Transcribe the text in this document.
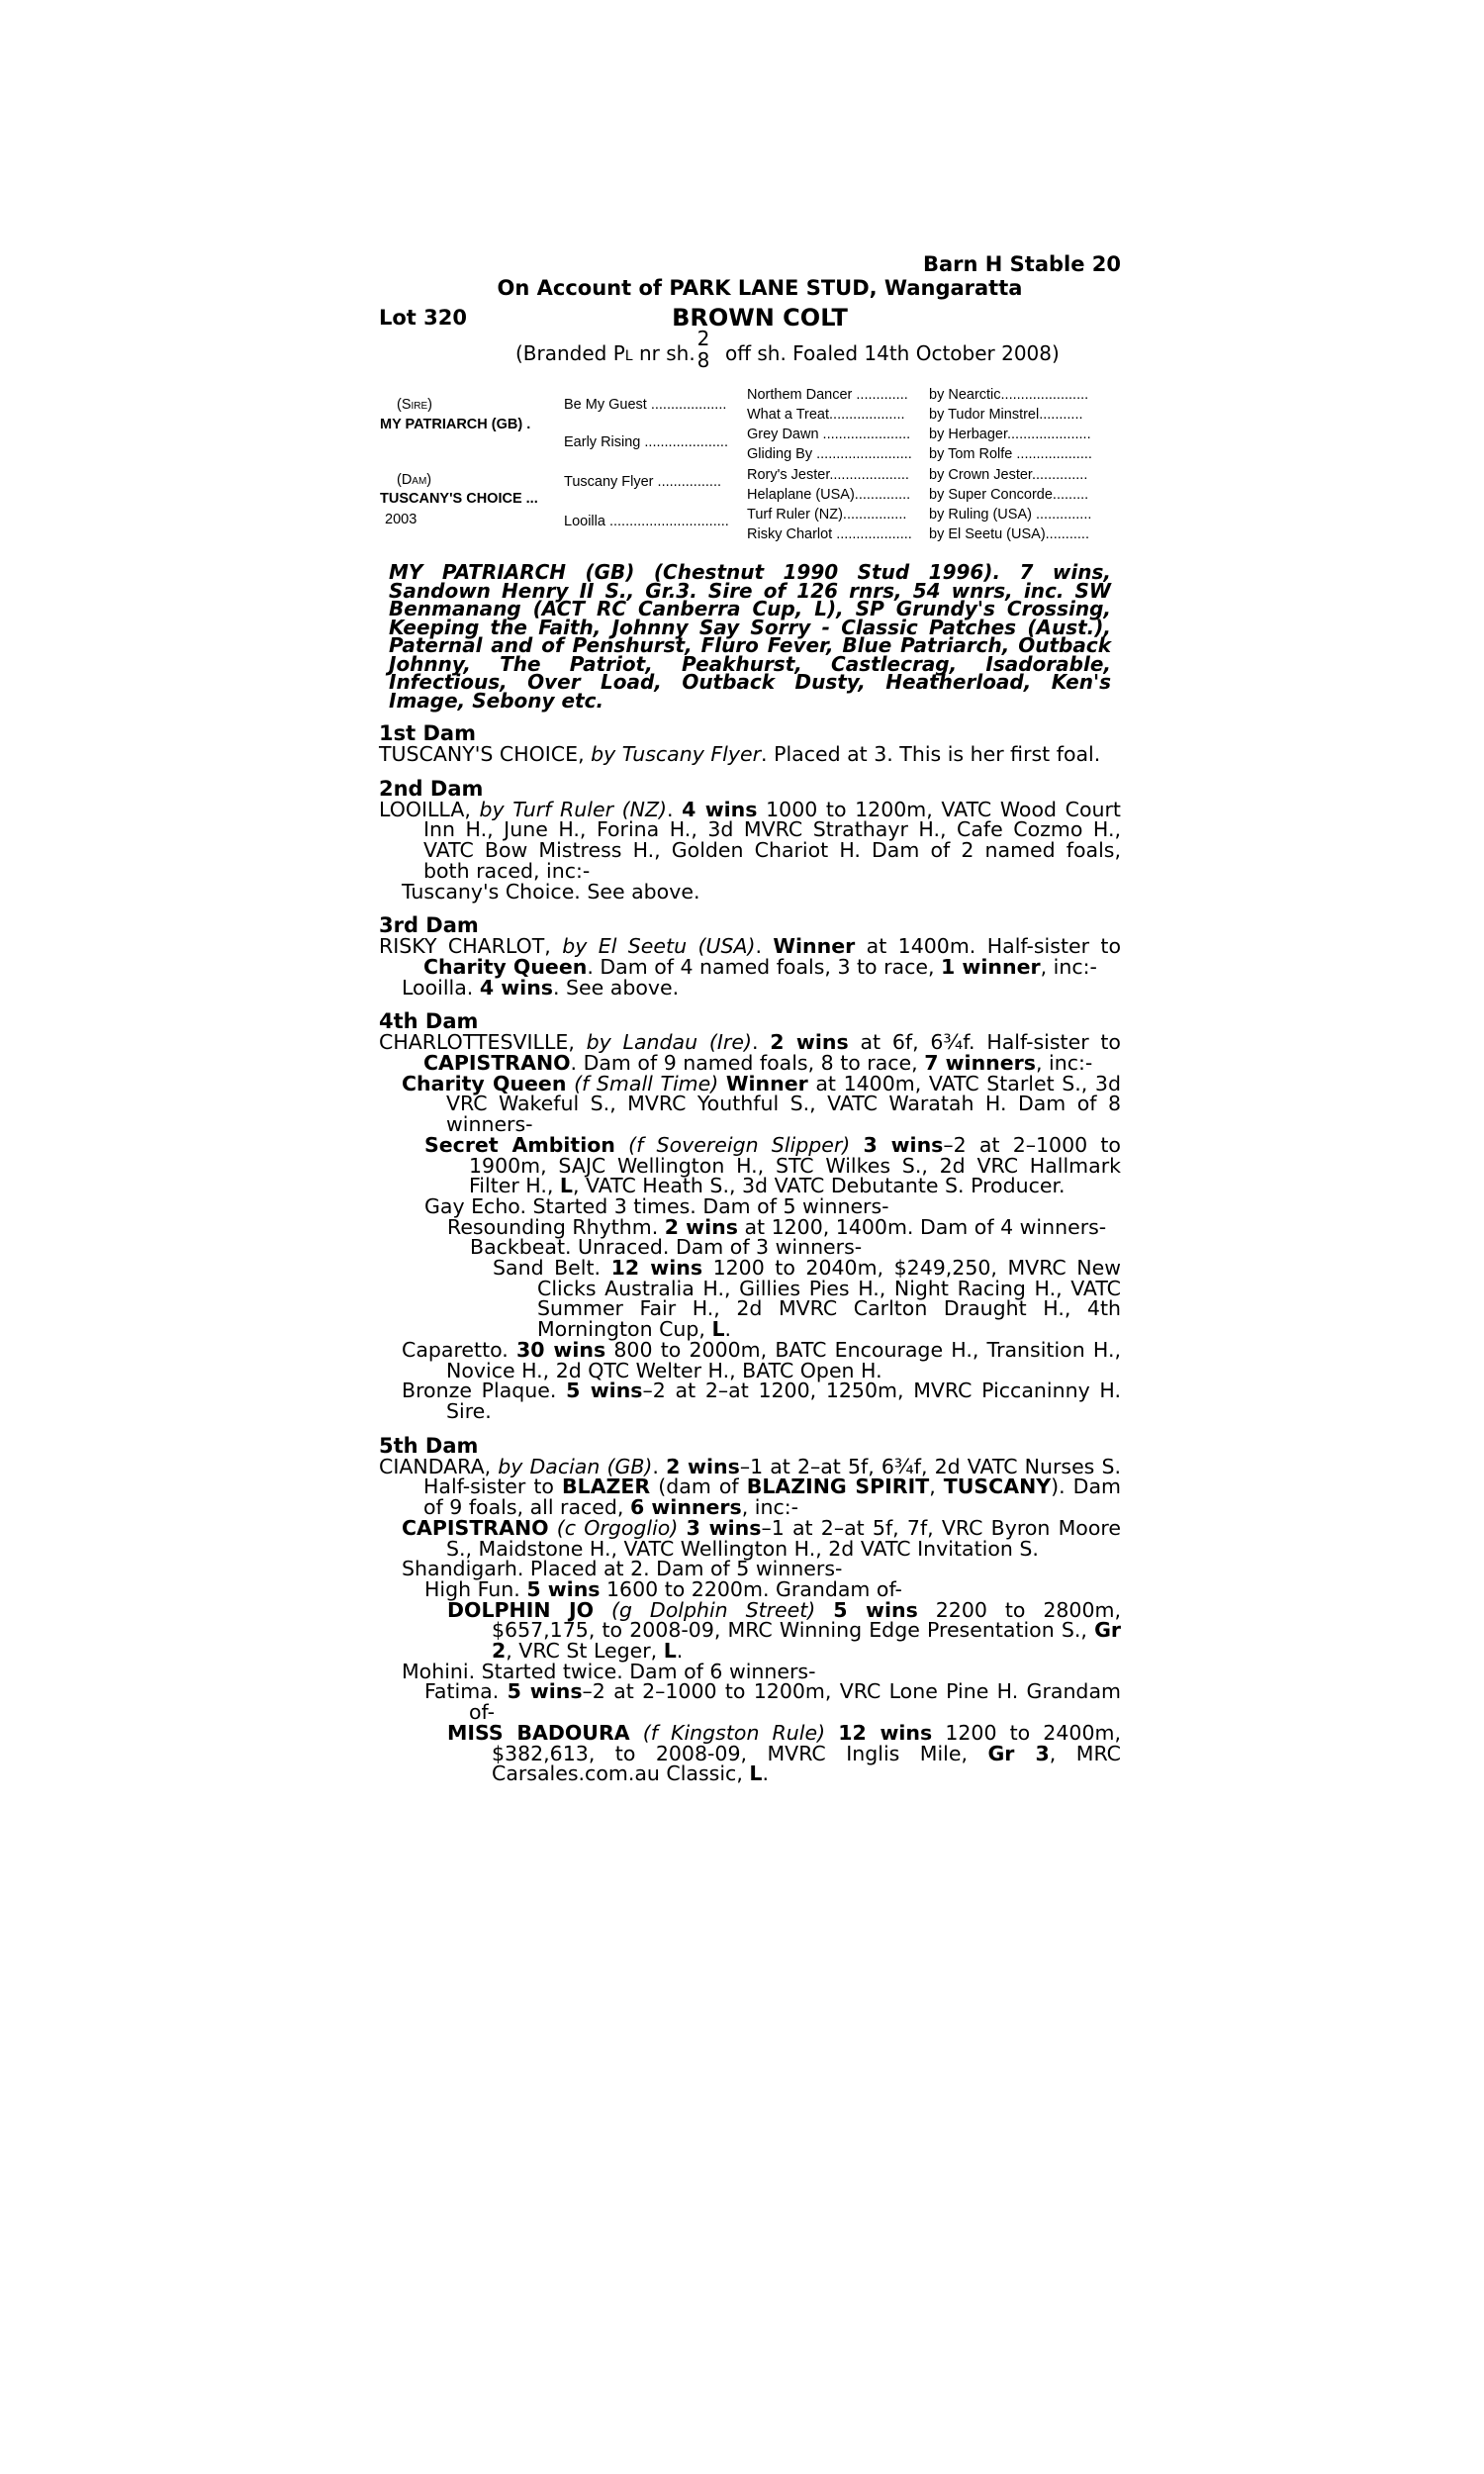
Barn H Stable 20
On Account of PARK LANE STUD, Wangaratta
Lot 320	BROWN COLT
(Branded PL nr sh.
2
8 off sh. Foaled 14th October 2008)
(Sire)
MY PATRIARCH (GB) .
(Dam)
TUSCANY'S CHOICE ...
2003
Be My Guest ...................
Early Rising .....................
Tuscany Flyer ................
Looilla ..............................
Northem Dancer .............
What a Treat...................
Grey Dawn ......................
Gliding By ........................
Rory's Jester....................
Helaplane (USA)..............
Turf Ruler (NZ)................
Risky Charlot ...................
by Nearctic......................
by Tudor Minstrel...........
by Herbager.....................
by Tom Rolfe ...................
by Crown Jester..............
by Super Concorde.........
by Ruling (USA) ..............
by El Seetu (USA)...........
MY PATRIARCH (GB) (Chestnut 1990 Stud 1996). 7 wins, Sandown Henry II S., Gr.3. Sire of 126 rnrs, 54 wnrs, inc. SW Benmanang (ACT RC Canberra Cup, L), SP Grundy's Crossing, Keeping the Faith, Johnny Say Sorry - Classic Patches (Aust.), Paternal and of Penshurst, Fluro Fever, Blue Patriarch, Outback Johnny, The Patriot, Peakhurst, Castlecrag, Isadorable, Infectious, Over Load, Outback Dusty, Heatherload, Ken's Image, Sebony etc.
1st Dam
TUSCANY'S CHOICE, by Tuscany Flyer. Placed at 3. This is her first foal.
2nd Dam
LOOILLA, by Turf Ruler (NZ). 4 wins 1000 to 1200m, VATC Wood Court Inn H., June H., Forina H., 3d MVRC Strathayr H., Cafe Cozmo H., VATC Bow Mistress H., Golden Chariot H. Dam of 2 named foals, both raced, inc:-
Tuscany's Choice. See above.
3rd Dam
RISKY CHARLOT, by El Seetu (USA). Winner at 1400m. Half-sister to Charity Queen. Dam of 4 named foals, 3 to race, 1 winner, inc:-
Looilla. 4 wins. See above.
4th Dam
CHARLOTTESVILLE, by Landau (Ire). 2 wins at 6f, 6¾f. Half-sister to CAPISTRANO. Dam of 9 named foals, 8 to race, 7 winners, inc:-
Charity Queen (f Small Time) Winner at 1400m, VATC Starlet S., 3d VRC Wakeful S., MVRC Youthful S., VATC Waratah H. Dam of 8 winners-
Secret Ambition (f Sovereign Slipper) 3 wins–2 at 2–1000 to 1900m, SAJC Wellington H., STC Wilkes S., 2d VRC Hallmark Filter H., L, VATC Heath S., 3d VATC Debutante S. Producer.
Gay Echo. Started 3 times. Dam of 5 winners-
Resounding Rhythm. 2 wins at 1200, 1400m. Dam of 4 winners-
Backbeat. Unraced. Dam of 3 winners-
Sand Belt. 12 wins 1200 to 2040m, $249,250, MVRC New Clicks Australia H., Gillies Pies H., Night Racing H., VATC Summer Fair H., 2d MVRC Carlton Draught H., 4th Mornington Cup, L.
Caparetto. 30 wins 800 to 2000m, BATC Encourage H., Transition H., Novice H., 2d QTC Welter H., BATC Open H.
Bronze Plaque. 5 wins–2 at 2–at 1200, 1250m, MVRC Piccaninny H. Sire.
5th Dam
CIANDARA, by Dacian (GB). 2 wins–1 at 2–at 5f, 6¾f, 2d VATC Nurses S. Half-sister to BLAZER (dam of BLAZING SPIRIT, TUSCANY). Dam of 9 foals, all raced, 6 winners, inc:-
CAPISTRANO (c Orgoglio) 3 wins–1 at 2–at 5f, 7f, VRC Byron Moore S., Maidstone H., VATC Wellington H., 2d VATC Invitation S.
Shandigarh. Placed at 2. Dam of 5 winners-
High Fun. 5 wins 1600 to 2200m. Grandam of-
DOLPHIN JO (g Dolphin Street) 5 wins 2200 to 2800m, $657,175, to 2008-09, MRC Winning Edge Presentation S., Gr 2, VRC St Leger, L.
Mohini. Started twice. Dam of 6 winners-
Fatima. 5 wins–2 at 2–1000 to 1200m, VRC Lone Pine H. Grandam of-
MISS BADOURA (f Kingston Rule) 12 wins 1200 to 2400m, $382,613, to 2008-09, MVRC Inglis Mile, Gr 3, MRC Carsales.com.au Classic, L.
